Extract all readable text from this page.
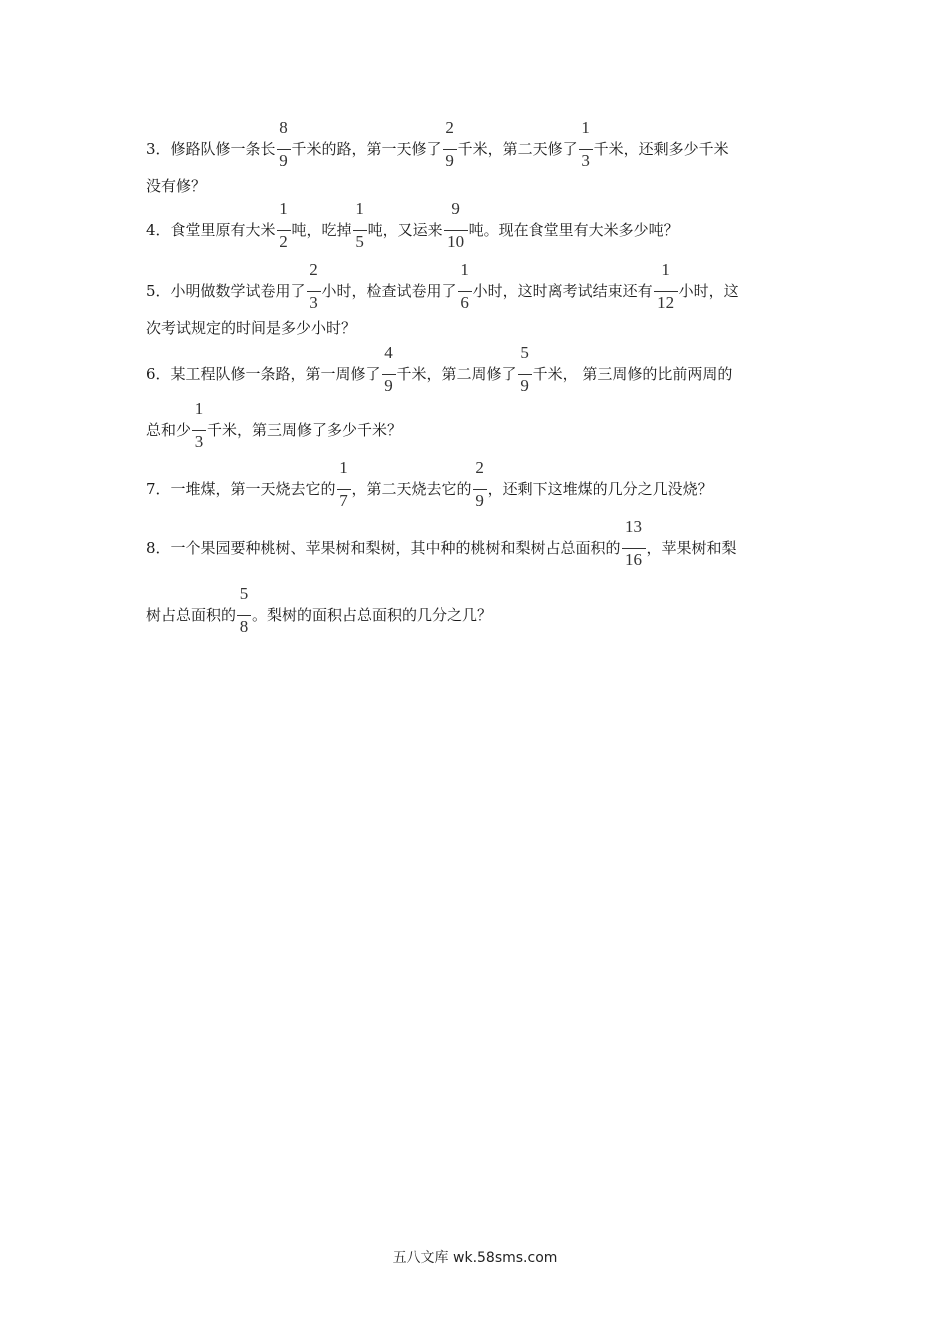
3．修路队修一条长 $\frac{8}{9}$ 千米的路，第一天修了 $\frac{2}{9}$ 千米，第二天修了 $\frac{1}{3}$ 千米，还剩多少千米
没有修？
4．食堂里原有大米 $\frac{1}{2}$ 吨，吃掉 $\frac{1}{5}$ 吨，又运来 $\frac{9}{10}$ 吨。现在食堂里有大米多少吨？
5．小明做数学试卷用了 $\frac{2}{3}$ 小时，检查试卷用了 $\frac{1}{6}$ 小时，这时离考试结束还有 $\frac{1}{12}$ 小时，这
次考试规定的时间是多少小时？
6．某工程队修一条路，第一周修了 $\frac{4}{9}$ 千米，第二周修了 $\frac{5}{9}$ 千米， 第三周修的比前两周的
总和少 $\frac{1}{3}$ 千米，第三周修了多少千米？
7．一堆煤，第一天烧去它的 $\frac{1}{7}$ ，第二天烧去它的 $\frac{2}{9}$ ，还剩下这堆煤的几分之几没烧？
8．一个果园要种桃树、苹果树和梨树，其中种的桃树和梨树占总面积的 $\frac{13}{16}$ ，苹果树和梨
树占总面积的 $\frac{5}{8}$ 。梨树的面积占总面积的几分之几？
五八文库 wk.58sms.com
